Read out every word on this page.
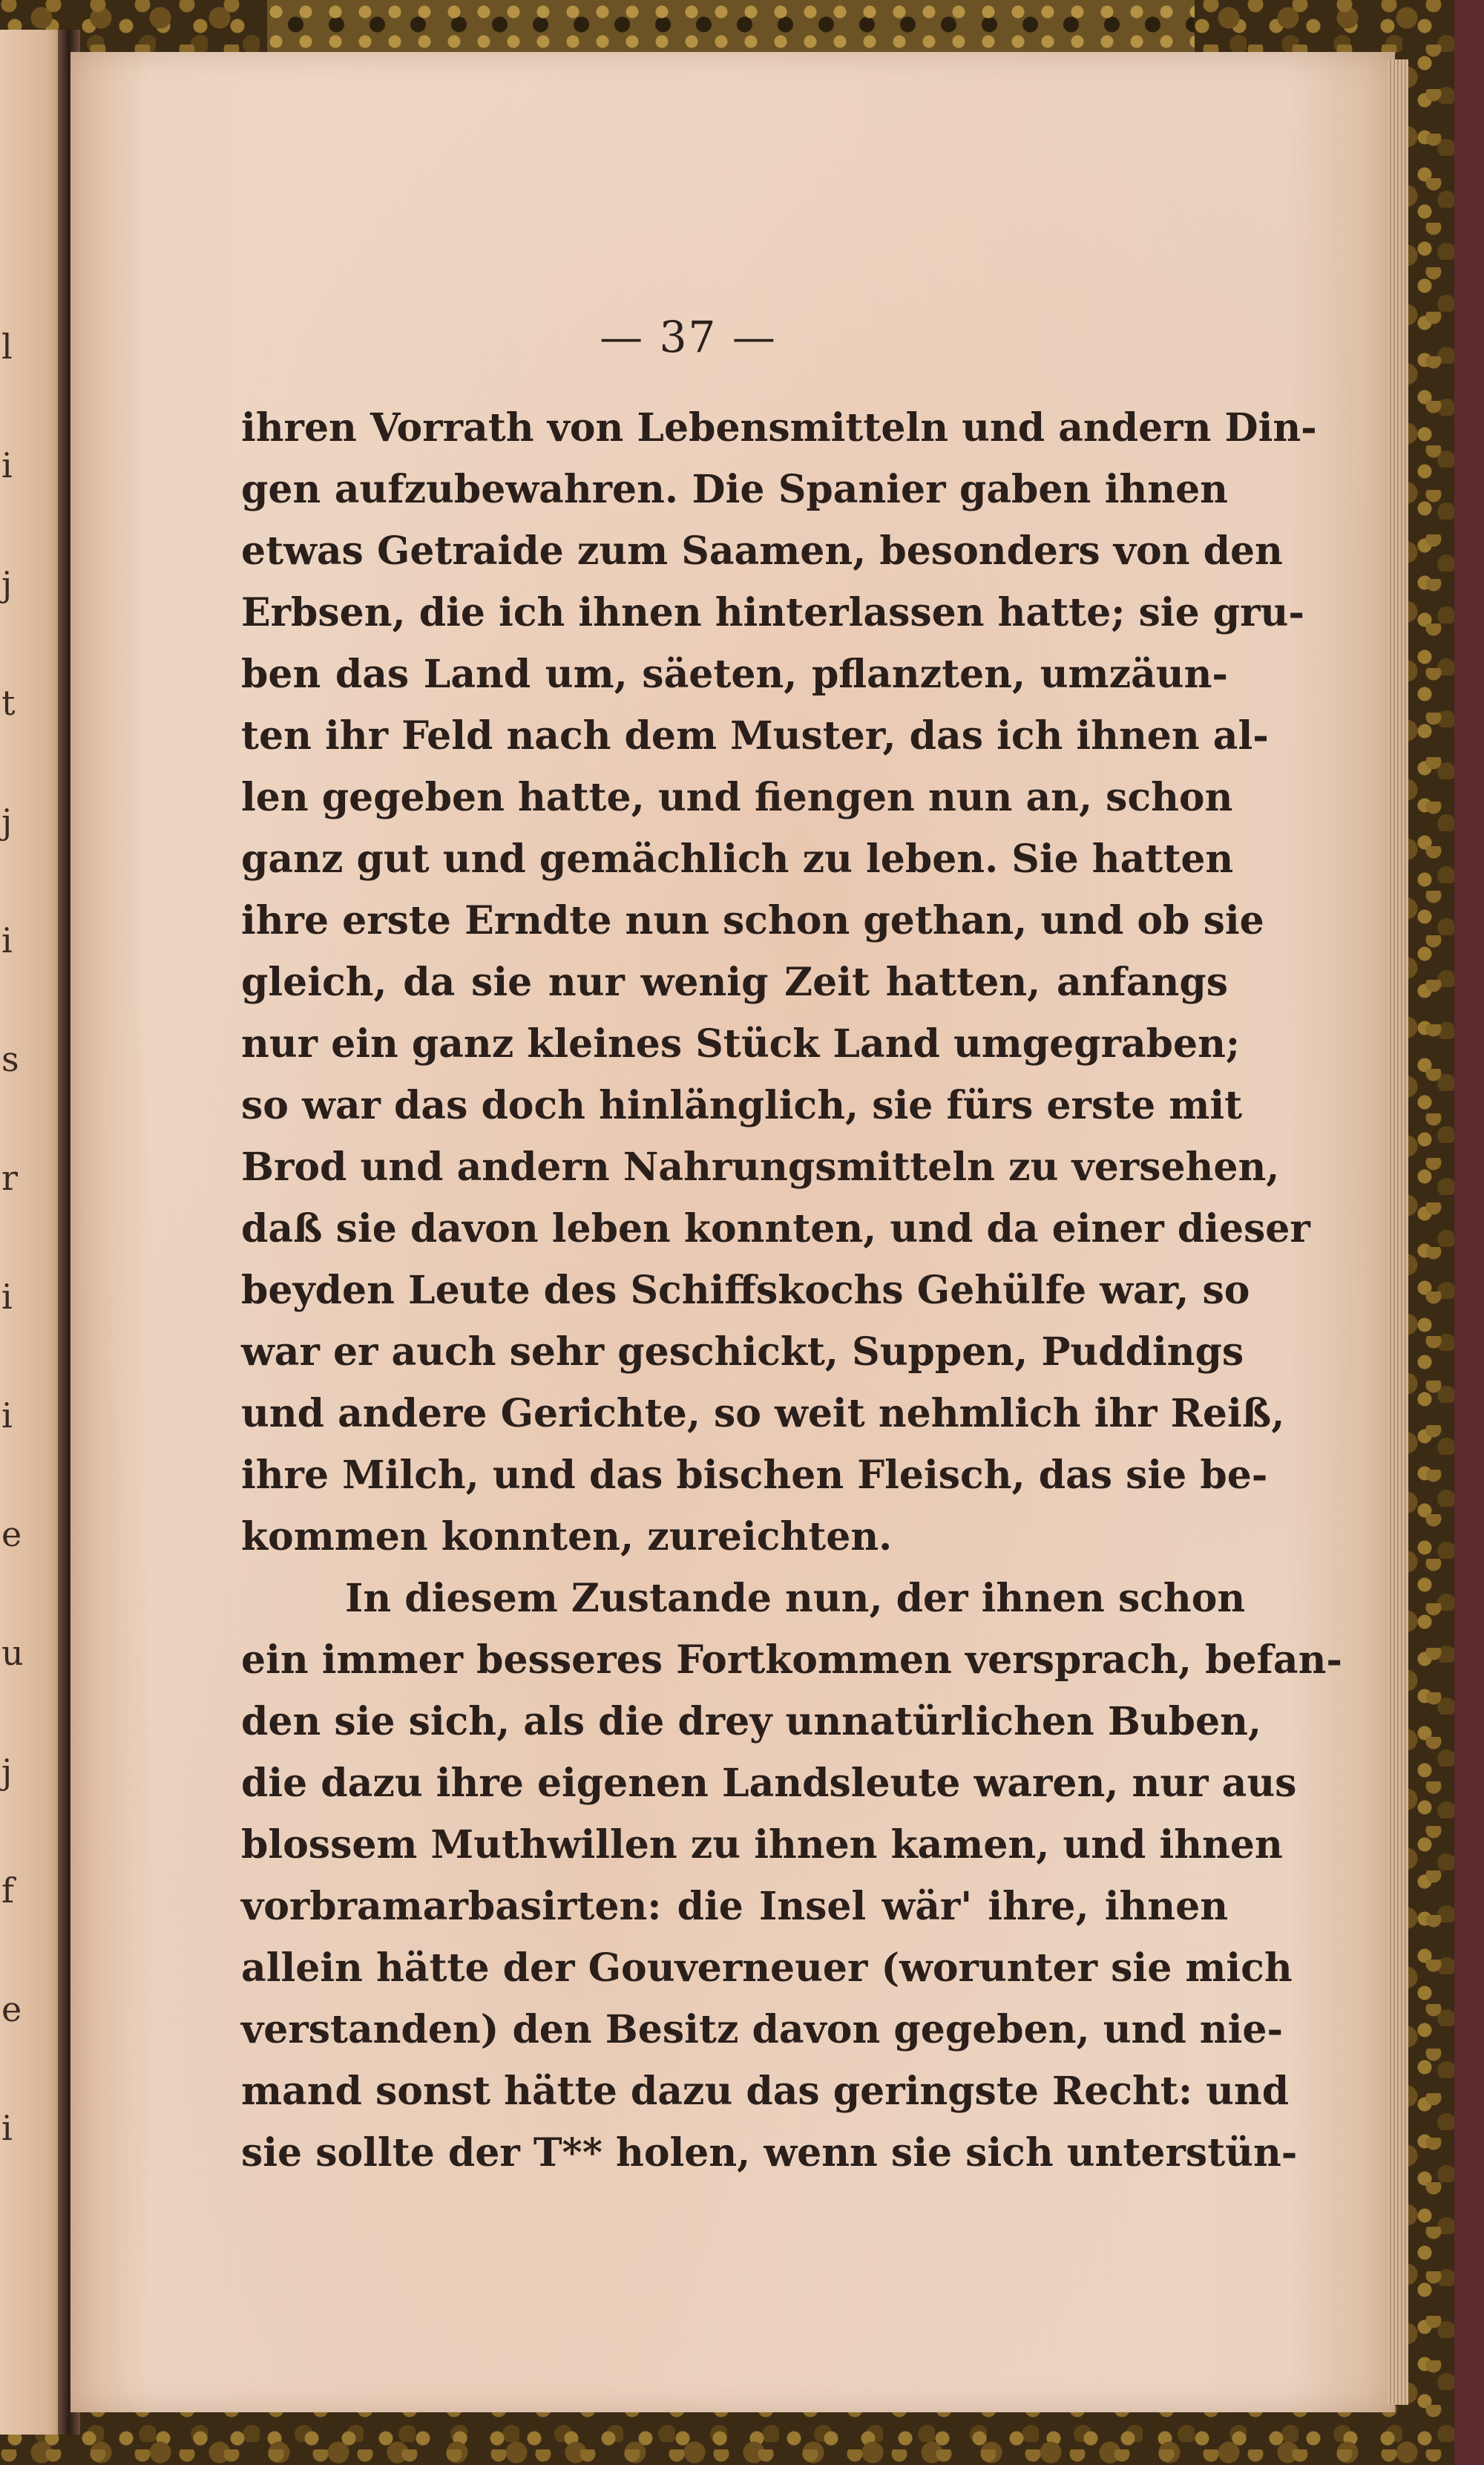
l
i
j
t
j
i
s
r
i
i
e
u
j
f
e
i
— 37 —
ihren Vorrath von Lebensmitteln und andern Din-
gen aufzubewahren. Die Spanier gaben ihnen
etwas Getraide zum Saamen, besonders von den
Erbsen, die ich ihnen hinterlassen hatte; sie gru-
ben das Land um, säeten, pflanzten, umzäun-
ten ihr Feld nach dem Muster, das ich ihnen al-
len gegeben hatte, und fiengen nun an, schon
ganz gut und gemächlich zu leben. Sie hatten
ihre erste Erndte nun schon gethan, und ob sie
gleich, da sie nur wenig Zeit hatten, anfangs
nur ein ganz kleines Stück Land umgegraben;
so war das doch hinlänglich, sie fürs erste mit
Brod und andern Nahrungsmitteln zu versehen,
daß sie davon leben konnten, und da einer dieser
beyden Leute des Schiffskochs Gehülfe war, so
war er auch sehr geschickt, Suppen, Puddings
und andere Gerichte, so weit nehmlich ihr Reiß,
ihre Milch, und das bischen Fleisch, das sie be-
kommen konnten, zureichten.
In diesem Zustande nun, der ihnen schon
ein immer besseres Fortkommen versprach, befan-
den sie sich, als die drey unnatürlichen Buben,
die dazu ihre eigenen Landsleute waren, nur aus
blossem Muthwillen zu ihnen kamen, und ihnen
vorbramarbasirten: die Insel wär' ihre, ihnen
allein hätte der Gouverneuer (worunter sie mich
verstanden) den Besitz davon gegeben, und nie-
mand sonst hätte dazu das geringste Recht: und
sie sollte der T** holen, wenn sie sich unterstün-
